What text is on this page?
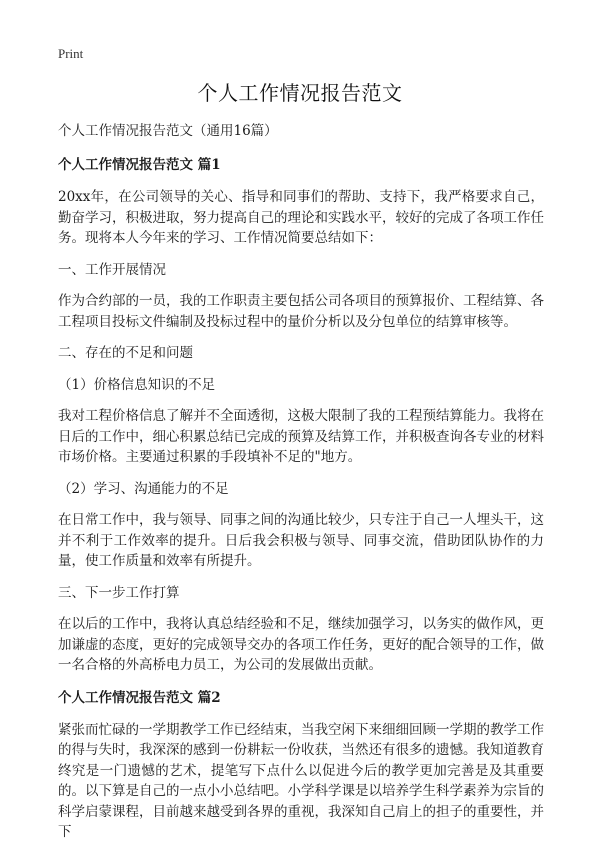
Print
个人工作情况报告范文

个人工作情况报告范文（通用16篇）

个人工作情况报告范文 篇1

20xx年，在公司领导的关心、指导和同事们的帮助、支持下，我严格要求自己，勤奋学习，积极进取，努力提高自己的理论和实践水平，较好的完成了各项工作任务。现将本人今年来的学习、工作情况简要总结如下：

一、工作开展情况

作为合约部的一员，我的工作职责主要包括公司各项目的预算报价、工程结算、各工程项目投标文件编制及投标过程中的量价分析以及分包单位的结算审核等。

二、存在的不足和问题

（1）价格信息知识的不足

我对工程价格信息了解并不全面透彻，这极大限制了我的工程预结算能力。我将在日后的工作中，细心积累总结已完成的预算及结算工作，并积极查询各专业的材料市场价格。主要通过积累的手段填补不足的"地方。

（2）学习、沟通能力的不足

在日常工作中，我与领导、同事之间的沟通比较少，只专注于自己一人埋头干，这并不利于工作效率的提升。日后我会积极与领导、同事交流，借助团队协作的力量，使工作质量和效率有所提升。

三、下一步工作打算

在以后的工作中，我将认真总结经验和不足，继续加强学习，以务实的做作风，更加谦虚的态度，更好的完成领导交办的各项工作任务，更好的配合领导的工作，做一名合格的外高桥电力员工，为公司的发展做出贡献。

个人工作情况报告范文 篇2

紧张而忙碌的一学期教学工作已经结束，当我空闲下来细细回顾一学期的教学工作的得与失时，我深深的感到一份耕耘一份收获，当然还有很多的遗憾。我知道教育终究是一门遗憾的艺术，提笔写下点什么以促进今后的教学更加完善是及其重要的。以下算是自己的一点小小总结吧。小学科学课是以培养学生科学素养为宗旨的科学启蒙课程，目前越来越受到各界的重视，我深知自己肩上的担子的重要性，并下
